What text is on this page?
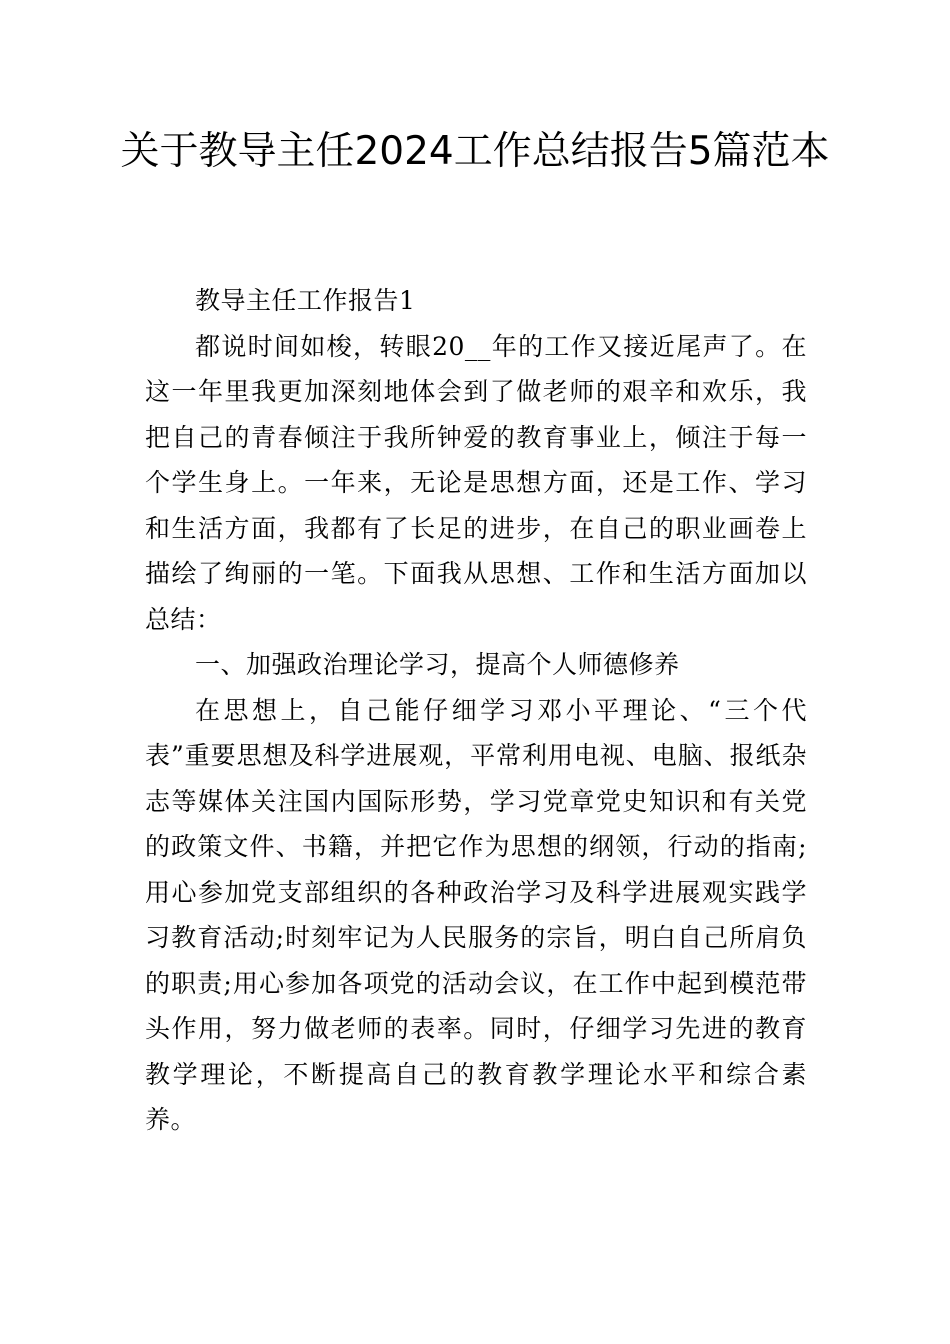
关于教导主任2024工作总结报告5篇范本

教导主任工作报告1

都说时间如梭，转眼20__年的工作又接近尾声了。在这一年里我更加深刻地体会到了做老师的艰辛和欢乐，我把自己的青春倾注于我所钟爱的教育事业上，倾注于每一个学生身上。一年来，无论是思想方面，还是工作、学习和生活方面，我都有了长足的进步，在自己的职业画卷上描绘了绚丽的一笔。下面我从思想、工作和生活方面加以总结：

一、加强政治理论学习，提高个人师德修养

在思想上，自己能仔细学习邓小平理论、“三个代表”重要思想及科学进展观，平常利用电视、电脑、报纸杂志等媒体关注国内国际形势，学习党章党史知识和有关党的政策文件、书籍，并把它作为思想的纲领，行动的指南;用心参加党支部组织的各种政治学习及科学进展观实践学习教育活动;时刻牢记为人民服务的宗旨，明白自己所肩负的职责;用心参加各项党的活动会议，在工作中起到模范带头作用，努力做老师的表率。同时，仔细学习先进的教育教学理论，不断提高自己的教育教学理论水平和综合素养。
